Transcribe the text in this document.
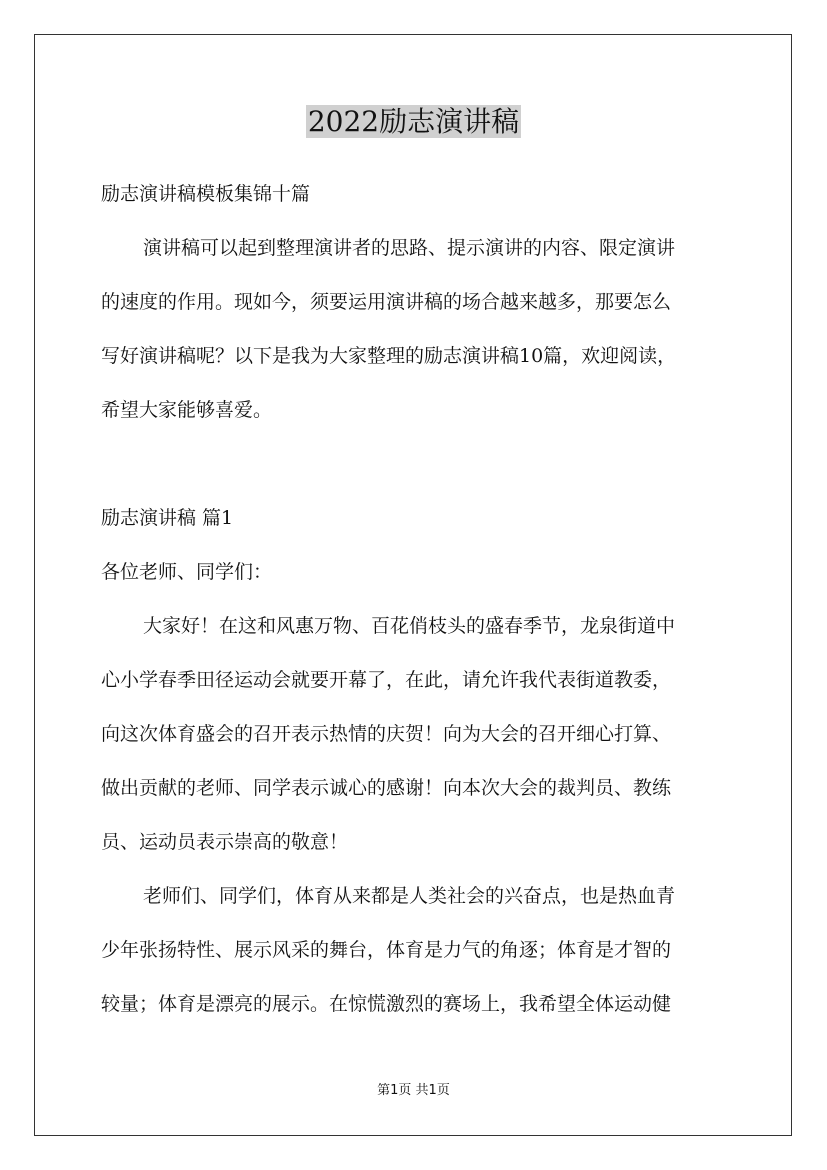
2022励志演讲稿
励志演讲稿模板集锦十篇
演讲稿可以起到整理演讲者的思路、提示演讲的内容、限定演讲
的速度的作用。现如今，须要运用演讲稿的场合越来越多，那要怎么
写好演讲稿呢？以下是我为大家整理的励志演讲稿10篇，欢迎阅读，
希望大家能够喜爱。
励志演讲稿 篇1
各位老师、同学们：
大家好！在这和风惠万物、百花俏枝头的盛春季节，龙泉街道中
心小学春季田径运动会就要开幕了，在此，请允许我代表街道教委，
向这次体育盛会的召开表示热情的庆贺！向为大会的召开细心打算、
做出贡献的老师、同学表示诚心的感谢！向本次大会的裁判员、教练
员、运动员表示崇高的敬意！
老师们、同学们，体育从来都是人类社会的兴奋点，也是热血青
少年张扬特性、展示风采的舞台，体育是力气的角逐；体育是才智的
较量；体育是漂亮的展示。在惊慌激烈的赛场上，我希望全体运动健
第1页 共1页
